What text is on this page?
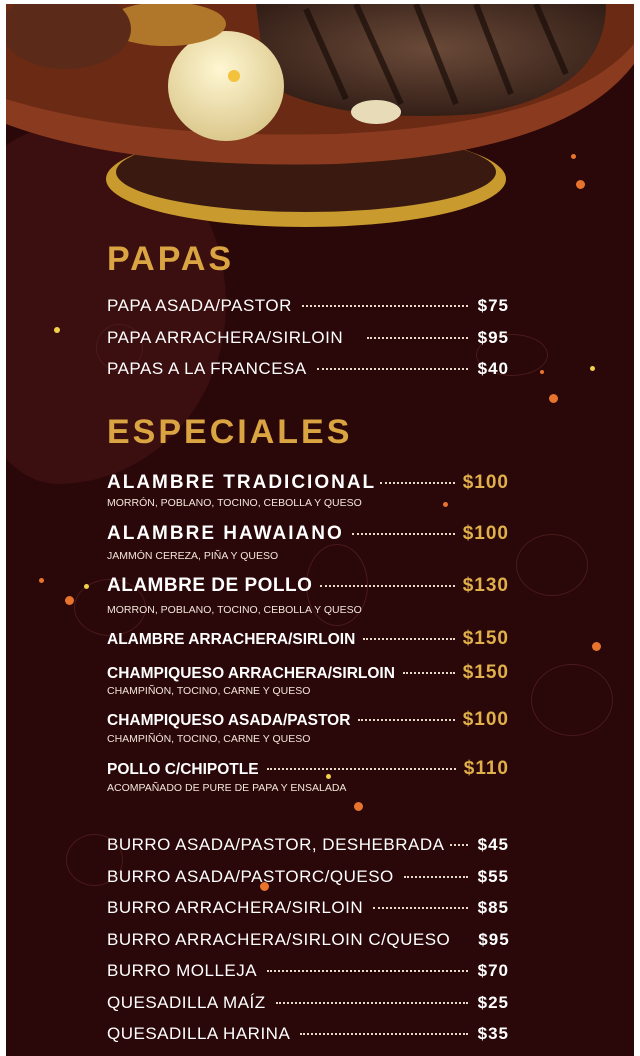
PAPAS
PAPA ASADA/PASTOR	$75
PAPA ARRACHERA/SIRLOIN	$95
PAPAS A LA FRANCESA	$40
ESPECIALES
ALAMBRE TRADICIONAL	$100
MORRÓN, POBLANO, TOCINO, CEBOLLA Y QUESO
ALAMBRE HAWAIANO	$100
JAMMÓN CEREZA, PIÑA Y QUESO
ALAMBRE DE POLLO	$130
MORRON, POBLANO, TOCINO, CEBOLLA Y QUESO
ALAMBRE ARRACHERA/SIRLOIN	$150
CHAMPIQUESO ARRACHERA/SIRLOIN	$150
CHAMPIÑON, TOCINO, CARNE Y QUESO
CHAMPIQUESO ASADA/PASTOR	$100
CHAMPIÑÓN, TOCINO, CARNE Y QUESO
POLLO C/CHIPOTLE	$110
ACOMPAÑADO DE PURE DE PAPA Y ENSALADA
BURRO ASADA/PASTOR, DESHEBRADA $45
BURRO ASADA/PASTORC/QUESO	$55
BURRO ARRACHERA/SIRLOIN	$85
BURRO ARRACHERA/SIRLOIN C/QUESO $95
BURRO MOLLEJA	$70
QUESADILLA MAÍZ	$25
QUESADILLA HARINA	$35
